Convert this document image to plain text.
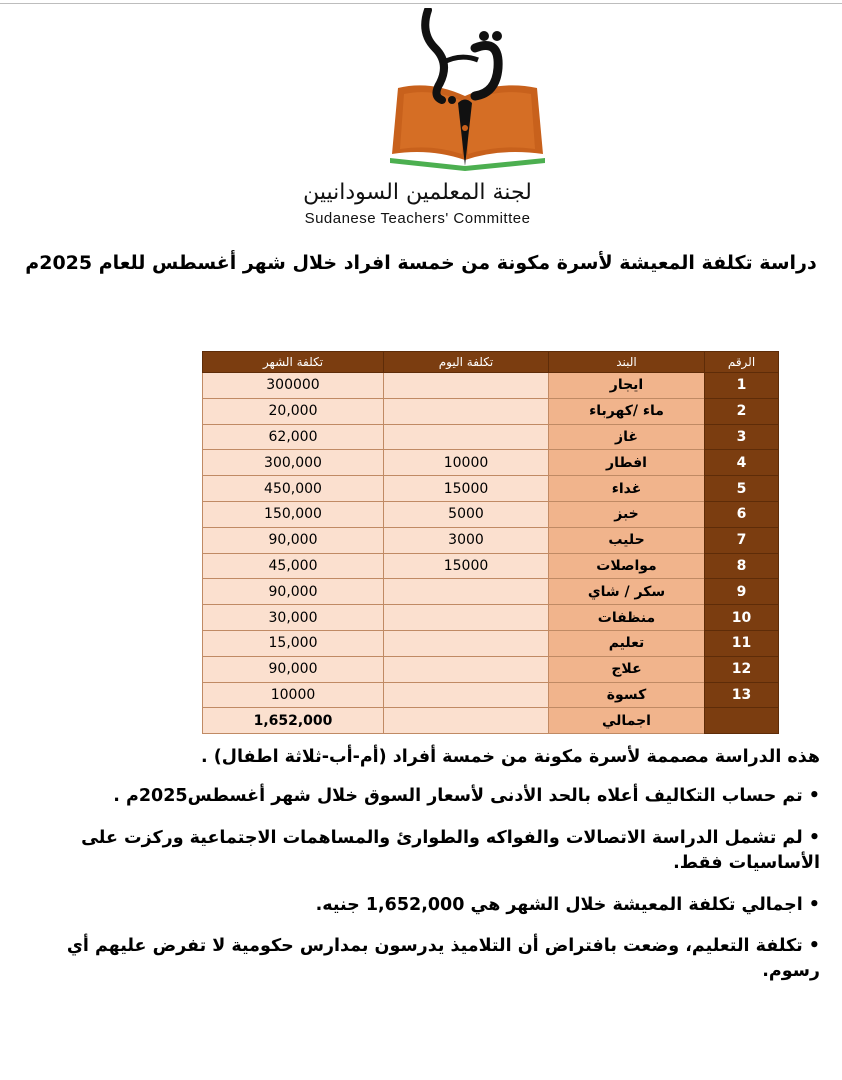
لجنة المعلمين السودانيين
Sudanese Teachers' Committee
دراسة تكلفة المعيشة لأسرة مكونة من خمسة افراد خلال شهر أغسطس للعام 2025م
الرقم	البند	تكلفة اليوم	تكلفة الشهر
1	ايجار		300000
2	ماء /كهرباء		20,000
3	غاز		62,000
4	افطار	10000	300,000
5	غداء	15000	450,000
6	خبز	5000	150,000
7	حليب	3000	90,000
8	مواصلات	15000	45,000
9	سكر / شاي		90,000
10	منظفات		30,000
11	تعليم		15,000
12	علاج		90,000
13	كسوة		10000
	اجمالي		1,652,000

هذه الدراسة مصممة لأسرة مكونة من خمسة أفراد (أم-أب-ثلاثة اطفال) .

• تم حساب التكاليف أعلاه بالحد الأدنى لأسعار السوق خلال شهر أغسطس2025م .

• لم تشمل الدراسة الاتصالات والفواكه والطوارئ والمساهمات الاجتماعية وركزت على الأساسيات فقط.

• اجمالي تكلفة المعيشة خلال الشهر هي 1,652,000 جنيه.

• تكلفة التعليم، وضعت بافتراض أن التلاميذ يدرسون بمدارس حكومية لا تفرض عليهم أي رسوم.
